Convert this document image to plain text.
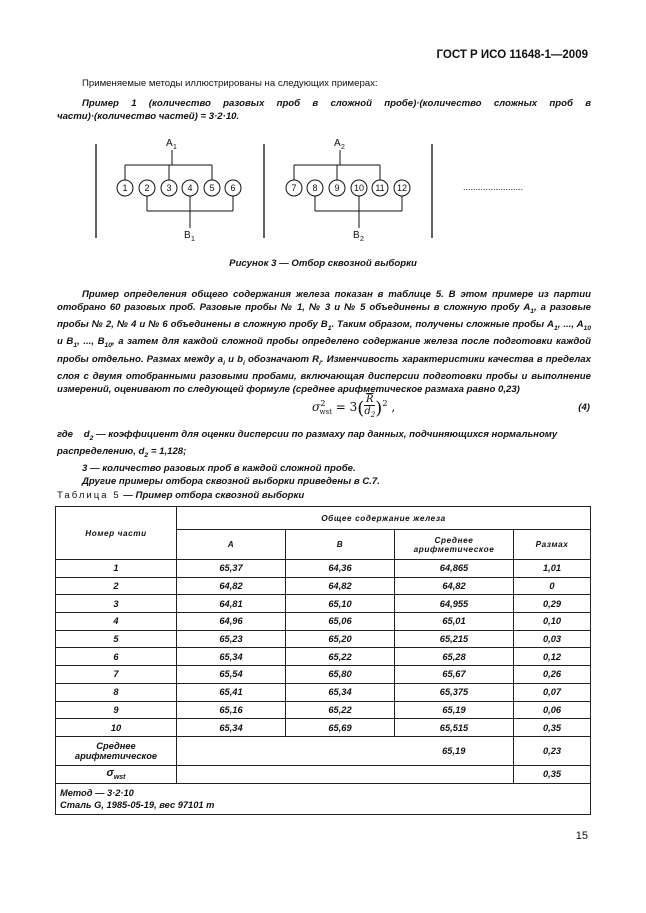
ГОСТ Р ИСО 11648-1—2009
Применяемые методы иллюстрированы на следующих примерах:
Пример 1 (количество разовых проб в сложной пробе)·(количество сложных проб в части)·(количество частей) = 3·2·10.
1 2 3 4 5 6
A 1
B 1
7 8 9 10 11 12
A 2
B 2
........................
Рисунок 3 — Отбор сквозной выборки
Пример определения общего содержания железа показан в таблице 5. В этом примере из партии отобрано 60 разовых проб. Разовые пробы № 1, № 3 и № 5 объединены в сложную пробу $A_1$, а разовые пробы № 2, № 4 и № 6 объединены в сложную пробу $B_1$. Таким образом, получены сложные пробы $A_1$, ..., $A_{10}$ и $B_1$, ..., $B_{10}$, а затем для каждой сложной пробы определено содержание железа после подготовки каждой пробы отдельно. Размах между $a_i$ и $b_i$ обозначают $R_i$. Изменчивость характеристики качества в пределах слоя с двумя отобранными разовыми пробами, включающая дисперсии подготовки пробы и выполнение измерений, оценивают по следующей формуле (среднее арифметическое размаха равно 0,23)
$\sigma^2_{wst} = 3$( $\overline{R}$
$d_2)^2$ ,	(4)
где $d_2$ — коэффициент для оценки дисперсии по размаху пар данных, подчиняющихся нормальному распределению, $d_2 = 1,128$;
3 — количество разовых проб в каждой сложной пробе.
Другие примеры отбора сквозной выборки приведены в С.7.
Таблица 5 — Пример отбора сквозной выборки
Номер части	Общее содержание железа			
	A	B	Среднее арифметическое	Размах
1	65,37	64,36	64,865	1,01
2	64,82	64,82	64,82	0
3	64,81	65,10	64,955	0,29
4	64,96	65,06	65,01	0,10
5	65,23	65,20	65,215	0,03
6	65,34	65,22	65,28	0,12
7	65,54	65,80	65,67	0,26
8	65,41	65,34	65,375	0,07
9	65,16	65,22	65,19	0,06
10	65,34	65,69	65,515	0,35
Среднее арифметическое			65,19	0,23
$\sigma_{wst}$				0,35

Метод — 3·2·10
Сталь G, 1985-05-19, вес 97101 т				
15
